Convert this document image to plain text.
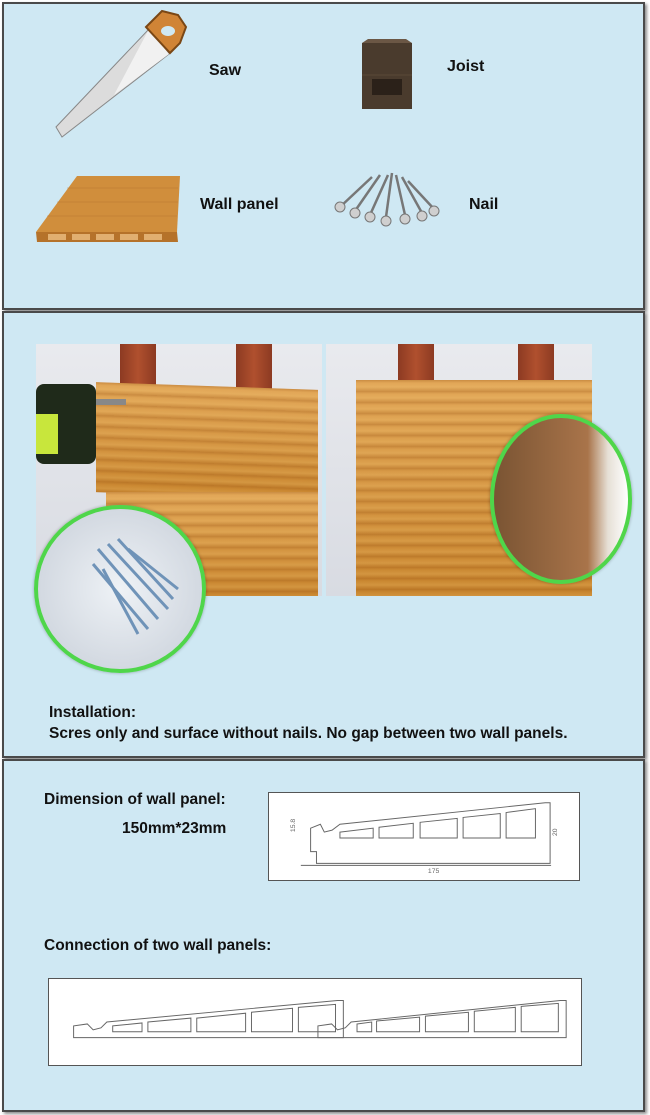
Saw	Joist
Wall panel	Nail
Installation:
Scres only and surface without nails. No gap between two wall panels.
Dimension of wall panel:
150mm*23mm	15.8
20
175
Connection of two wall panels:
